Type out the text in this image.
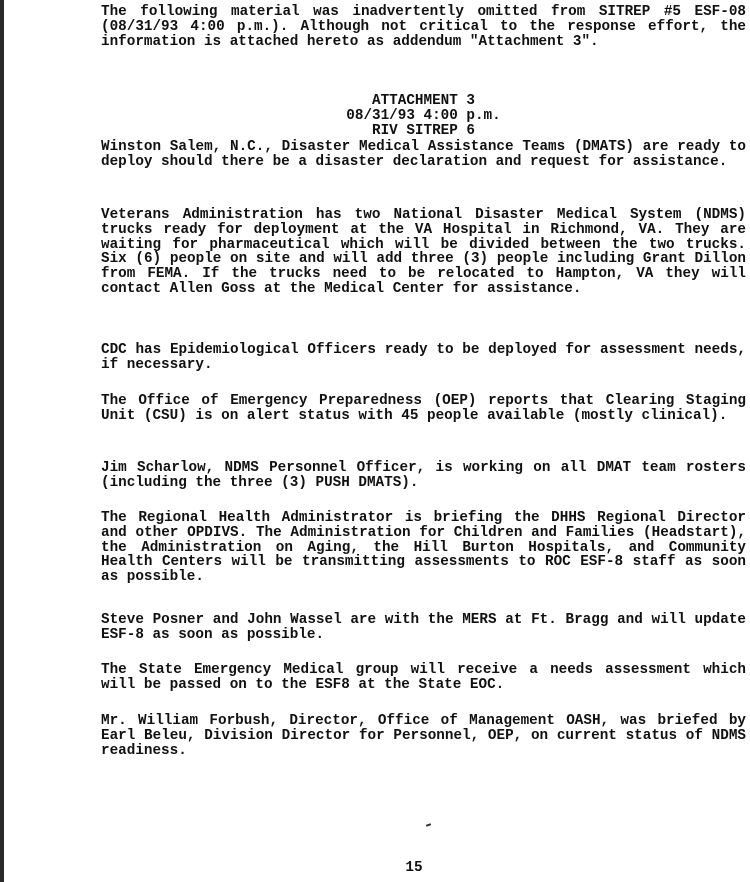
The following material was inadvertently omitted from SITREP #5 ESF-08 (08/31/93 4:00 p.m.). Although not critical to the response effort, the information is attached hereto as addendum "Attachment 3".

ATTACHMENT 3

08/31/93 4:00 p.m.

RIV SITREP 6

Winston Salem, N.C., Disaster Medical Assistance Teams (DMATS) are ready to deploy should there be a disaster declaration and request for assistance.

Veterans Administration has two National Disaster Medical System (NDMS) trucks ready for deployment at the VA Hospital in Richmond, VA. They are waiting for pharmaceutical which will be divided between the two trucks. Six (6) people on site and will add three (3) people including Grant Dillon from FEMA. If the trucks need to be relocated to Hampton, VA they will contact Allen Goss at the Medical Center for assistance.

CDC has Epidemiological Officers ready to be deployed for assessment needs, if necessary.

The Office of Emergency Preparedness (OEP) reports that Clearing Staging Unit (CSU) is on alert status with 45 people available (mostly clinical).

Jim Scharlow, NDMS Personnel Officer, is working on all DMAT team rosters (including the three (3) PUSH DMATS).

The Regional Health Administrator is briefing the DHHS Regional Director and other OPDIVS. The Administration for Children and Families (Headstart), the Administration on Aging, the Hill Burton Hospitals, and Community Health Centers will be transmitting assessments to ROC ESF-8 staff as soon as possible.

Steve Posner and John Wassel are with the MERS at Ft. Bragg and will update ESF-8 as soon as possible.

The State Emergency Medical group will receive a needs assessment which will be passed on to the ESF8 at the State EOC.

Mr. William Forbush, Director, Office of Management OASH, was briefed by Earl Beleu, Division Director for Personnel, OEP, on current status of NDMS readiness.

15
